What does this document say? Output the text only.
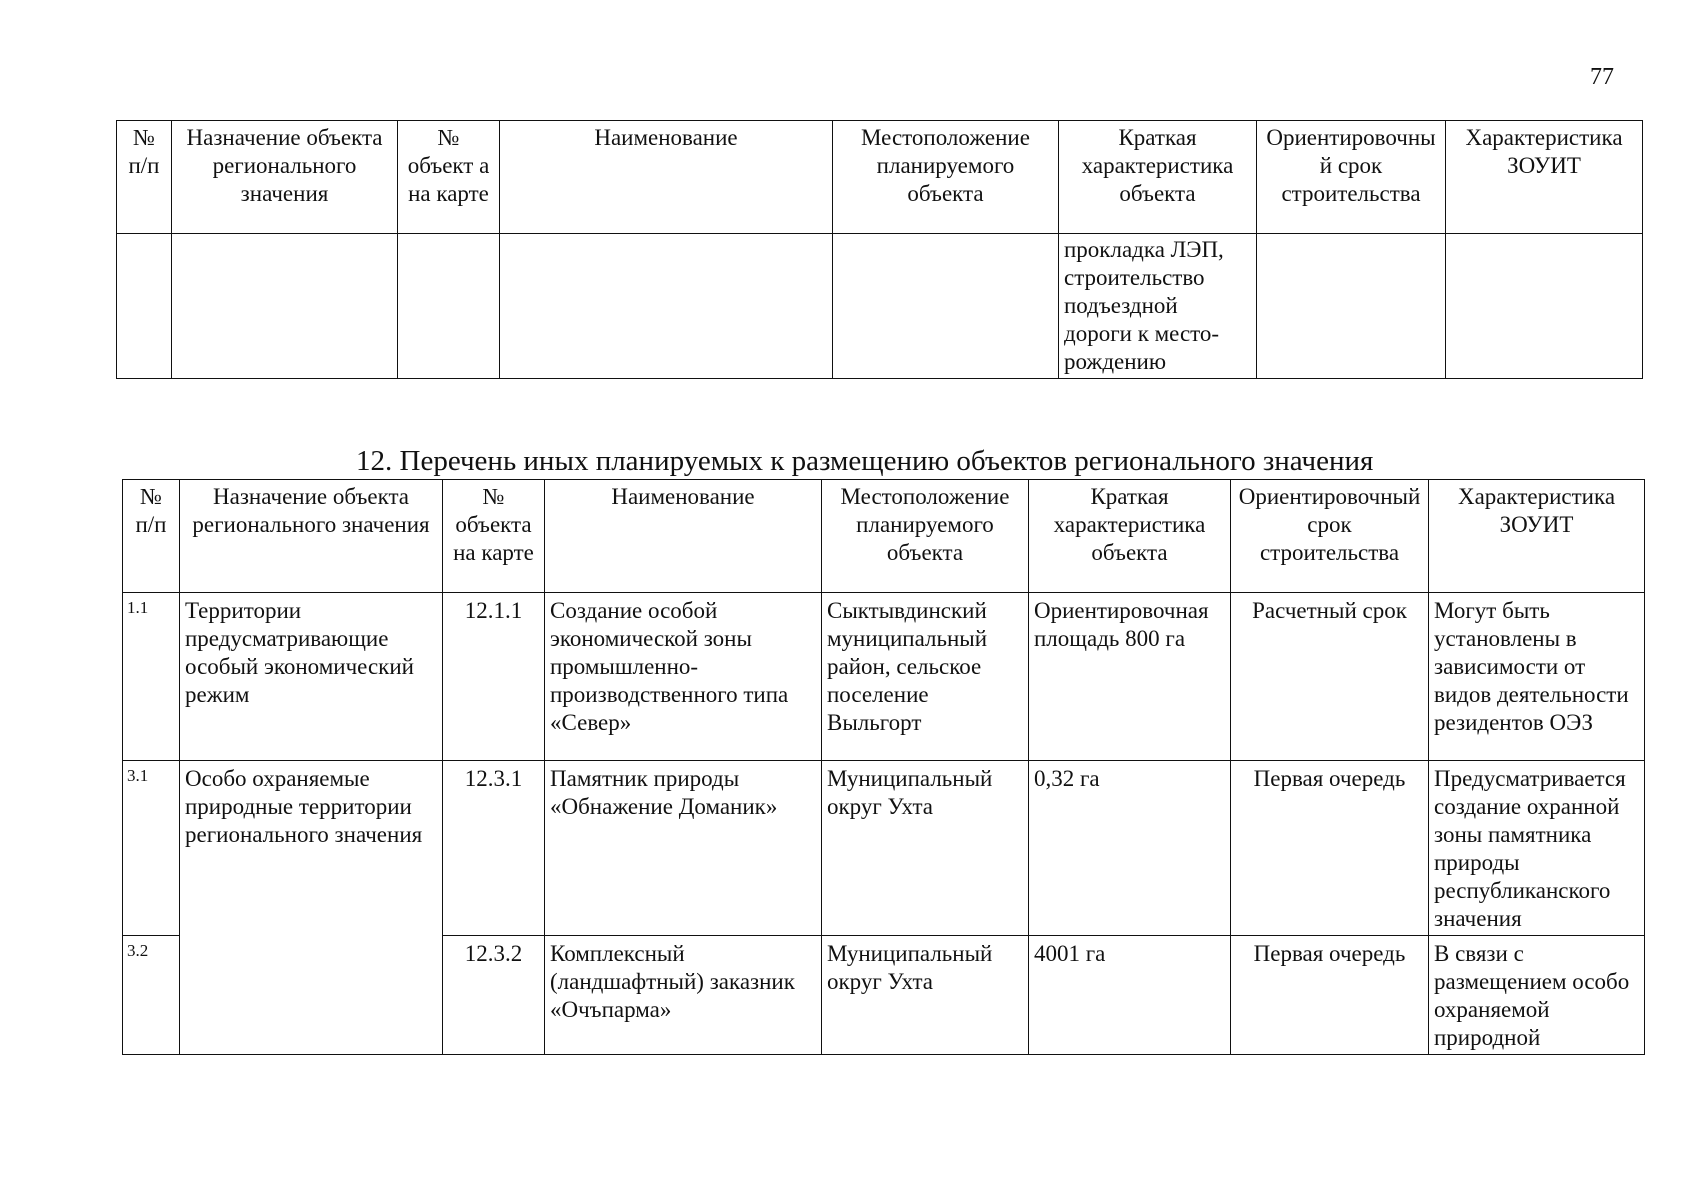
77
№ п/п	Назначение объекта регионального значения	№ объект а на карте	Наименование	Местоположение планируемого объекта	Краткая характеристика объекта	Ориентировочны й срок строительства	Характеристика ЗОУИТ
					прокладка ЛЭП, строительство подъездной дороги к место-рождению		
12. Перечень иных планируемых к размещению объектов регионального значения
№ п/п	Назначение объекта регионального значения	№ объекта на карте	Наименование	Местоположение планируемого объекта	Краткая характеристика объекта	Ориентировочный срок строительства	Характеристика ЗОУИТ
1.1	Территории предусматривающие особый экономический режим	12.1.1	Создание особой экономической зоны промышленно-производственного типа «Север»	Сыктывдинский муниципальный район, сельское поселение Выльгорт	Ориентировочная площадь 800 га	Расчетный срок	Могут быть установлены в зависимости от видов деятельности резидентов ОЭЗ
3.1	Особо охраняемые природные территории регионального значения	12.3.1	Памятник природы «Обнажение Доманик»	Муниципальный округ Ухта	0,32 га	Первая очередь	Предусматривается создание охранной зоны памятника природы республиканского значения
3.2		12.3.2	Комплексный (ландшафтный) заказник «Очъпарма»	Муниципальный округ Ухта	4001 га	Первая очередь	В связи с размещением особо охраняемой природной
